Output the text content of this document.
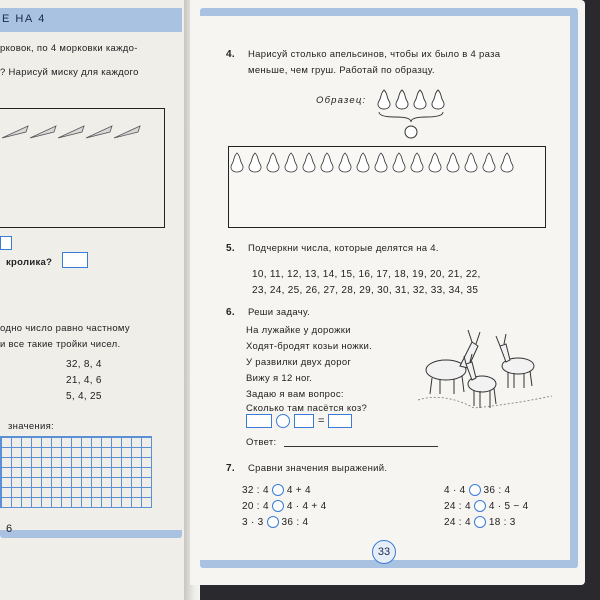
Е НА 4
рковок, по 4 морковки каждо-
? Нарисуй миску для каждого
кролика?
одно число равно частному
и все такие тройки чисел.
32, 8, 4
21, 4, 6
5, 4, 25
значения:
6
4. Нарисуй столько апельсинов, чтобы их было в 4 раза
меньше, чем груш. Работай по образцу.
Образец:
5. Подчеркни числа, которые делятся на 4.
10, 11, 12, 13, 14, 15, 16, 17, 18, 19, 20, 21, 22,
23, 24, 25, 26, 27, 28, 29, 30, 31, 32, 33, 34, 35
6. Реши задачу.
На лужайке у дорожки
Ходят-бродят козьи ножки.
У развилки двух дорог
Вижу я 12 ног.
Задаю я вам вопрос:
Сколько там пасётся коз?
=
Ответ:
7. Сравни значения выражений.
32 : 4 4 + 4
20 : 4 4 · 4 + 4
3 · 3 36 : 4
4 · 4 36 : 4
24 : 4 4 · 5 − 4
24 : 4 18 : 3
33
